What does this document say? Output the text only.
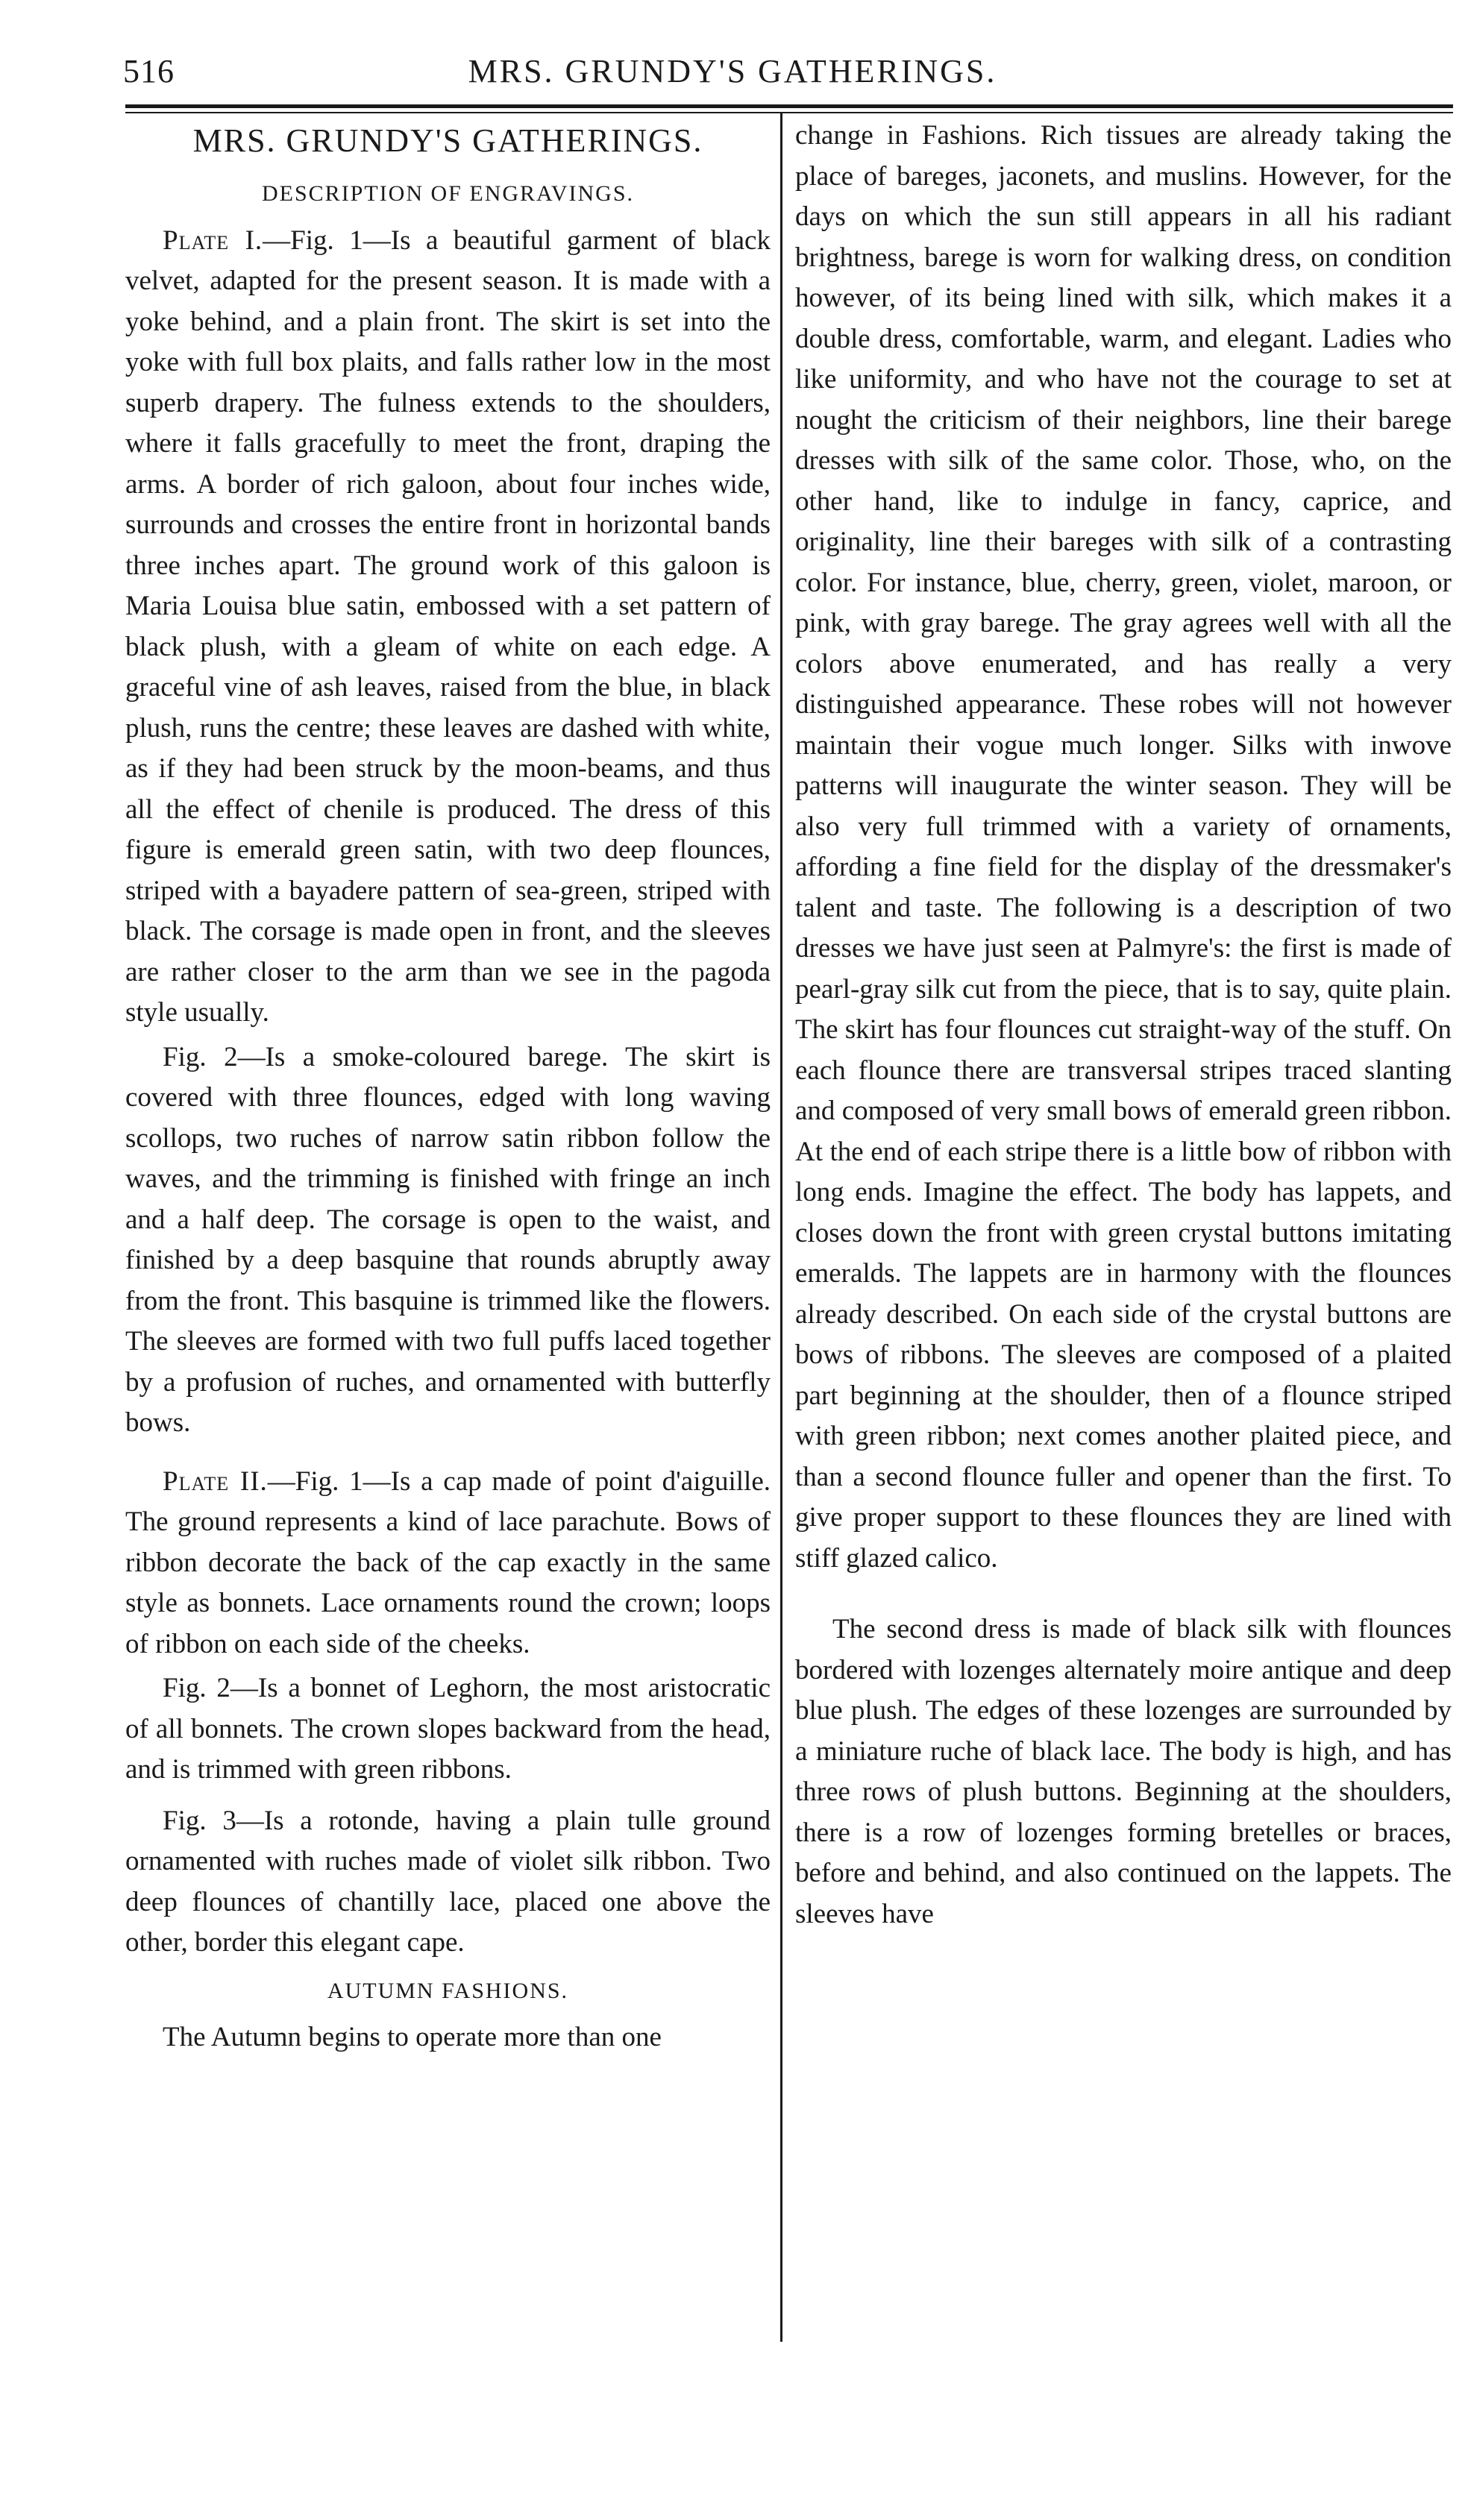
516	MRS. GRUNDY'S GATHERINGS.
MRS. GRUNDY'S GATHERINGS.
DESCRIPTION OF ENGRAVINGS.

Plate I.—Fig. 1—Is a beautiful garment of black velvet, adapted for the present season. It is made with a yoke behind, and a plain front. The skirt is set into the yoke with full box plaits, and falls rather low in the most superb drapery. The fulness extends to the shoulders, where it falls gracefully to meet the front, draping the arms. A border of rich galoon, about four inches wide, surrounds and crosses the entire front in horizontal bands three inches apart. The ground work of this galoon is Maria Louisa blue satin, embossed with a set pattern of black plush, with a gleam of white on each edge. A graceful vine of ash leaves, raised from the blue, in black plush, runs the centre; these leaves are dashed with white, as if they had been struck by the moon-beams, and thus all the effect of chenile is produced. The dress of this figure is emerald green satin, with two deep flounces, striped with a bayadere pattern of sea-green, striped with black. The corsage is made open in front, and the sleeves are rather closer to the arm than we see in the pagoda style usually.

Fig. 2—Is a smoke-coloured barege. The skirt is covered with three flounces, edged with long waving scollops, two ruches of narrow satin ribbon follow the waves, and the trimming is finished with fringe an inch and a half deep. The corsage is open to the waist, and finished by a deep basquine that rounds abruptly away from the front. This basquine is trimmed like the flowers. The sleeves are formed with two full puffs laced together by a profusion of ruches, and ornamented with butterfly bows.

Plate II.—Fig. 1—Is a cap made of point d'aiguille. The ground represents a kind of lace parachute. Bows of ribbon decorate the back of the cap exactly in the same style as bonnets. Lace ornaments round the crown; loops of ribbon on each side of the cheeks.

Fig. 2—Is a bonnet of Leghorn, the most aristocratic of all bonnets. The crown slopes backward from the head, and is trimmed with green ribbons.

Fig. 3—Is a rotonde, having a plain tulle ground ornamented with ruches made of violet silk ribbon. Two deep flounces of chantilly lace, placed one above the other, border this elegant cape.

AUTUMN FASHIONS.

The Autumn begins to operate more than one

change in Fashions. Rich tissues are already taking the place of bareges, jaconets, and muslins. However, for the days on which the sun still appears in all his radiant brightness, barege is worn for walking dress, on condition however, of its being lined with silk, which makes it a double dress, comfortable, warm, and elegant. Ladies who like uniformity, and who have not the courage to set at nought the criticism of their neighbors, line their barege dresses with silk of the same color. Those, who, on the other hand, like to indulge in fancy, caprice, and originality, line their bareges with silk of a contrasting color. For instance, blue, cherry, green, violet, maroon, or pink, with gray barege. The gray agrees well with all the colors above enumerated, and has really a very distinguished appearance. These robes will not however maintain their vogue much longer. Silks with inwove patterns will inaugurate the winter season. They will be also very full trimmed with a variety of ornaments, affording a fine field for the display of the dressmaker's talent and taste. The following is a description of two dresses we have just seen at Palmyre's: the first is made of pearl-gray silk cut from the piece, that is to say, quite plain. The skirt has four flounces cut straight-way of the stuff. On each flounce there are transversal stripes traced slanting and composed of very small bows of emerald green ribbon. At the end of each stripe there is a little bow of ribbon with long ends. Imagine the effect. The body has lappets, and closes down the front with green crystal buttons imitating emeralds. The lappets are in harmony with the flounces already described. On each side of the crystal buttons are bows of ribbons. The sleeves are composed of a plaited part beginning at the shoulder, then of a flounce striped with green ribbon; next comes another plaited piece, and than a second flounce fuller and opener than the first. To give proper support to these flounces they are lined with stiff glazed calico.

The second dress is made of black silk with flounces bordered with lozenges alternately moire antique and deep blue plush. The edges of these lozenges are surrounded by a miniature ruche of black lace. The body is high, and has three rows of plush buttons. Beginning at the shoulders, there is a row of lozenges forming bretelles or braces, before and behind, and also continued on the lappets. The sleeves have
